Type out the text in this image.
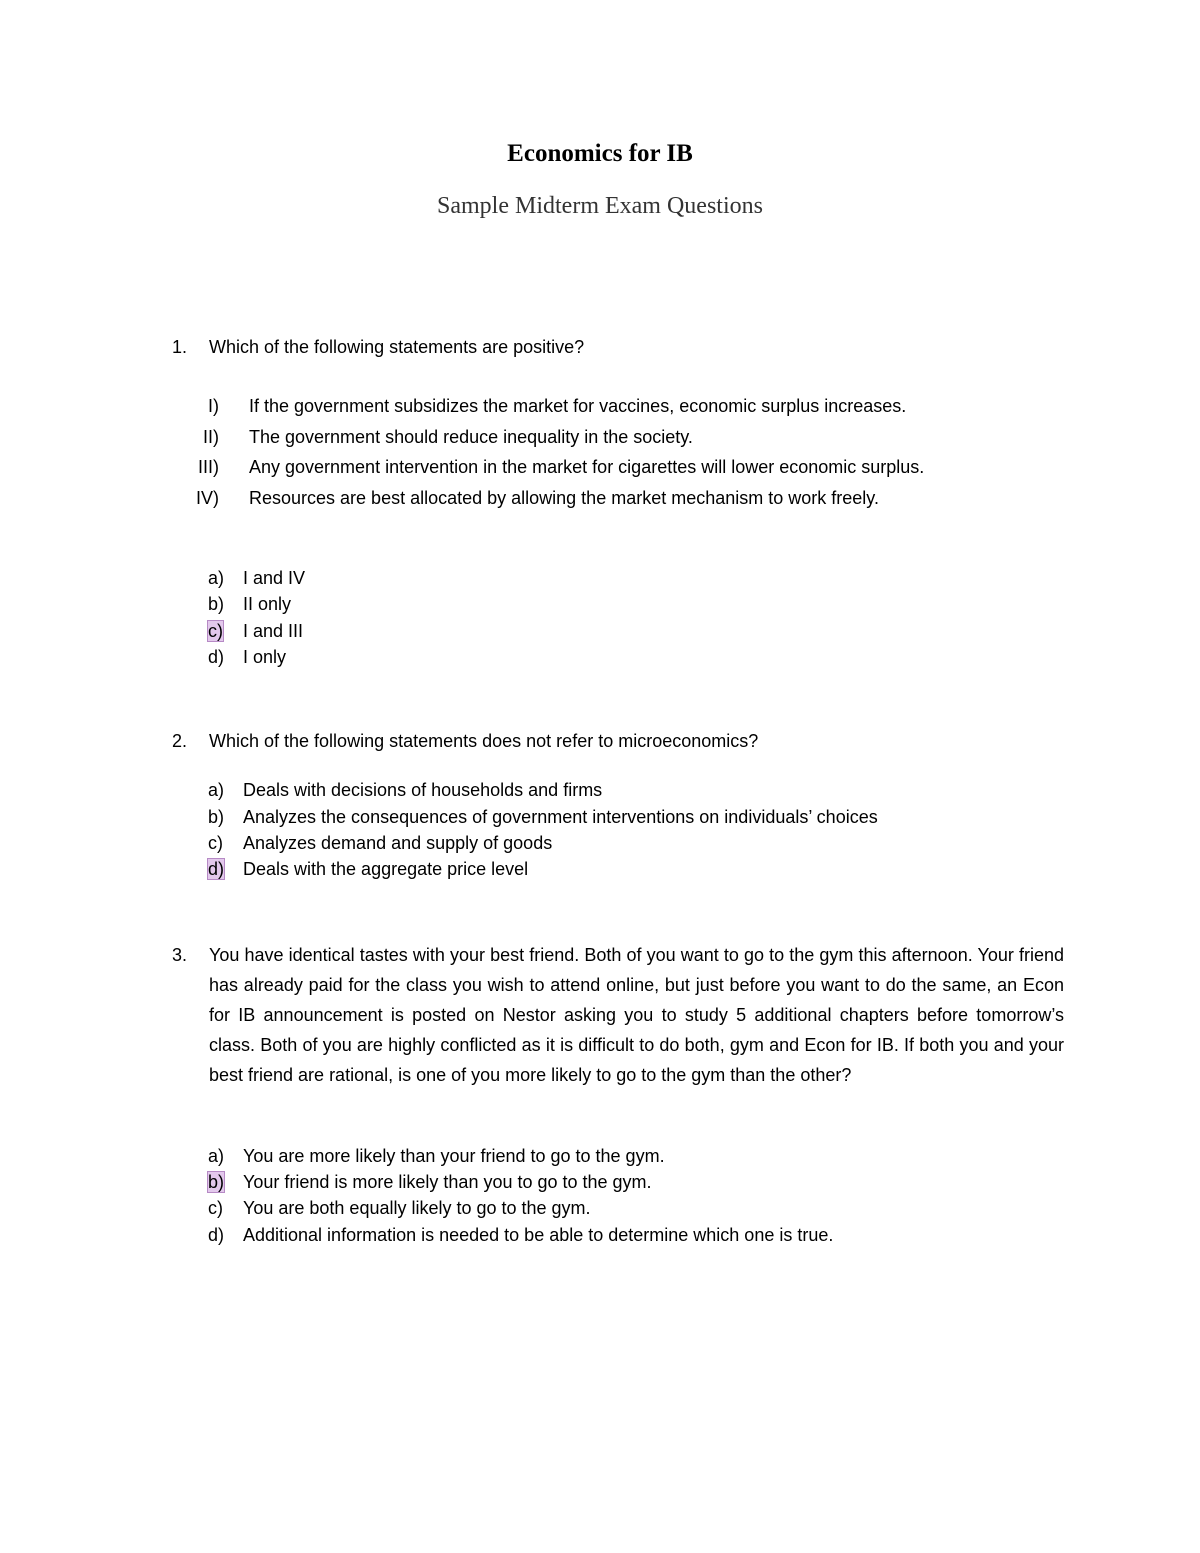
Economics for IB
Sample Midterm Exam Questions
1.	Which of the following statements are positive?
I) If the government subsidizes the market for vaccines, economic surplus increases.
II) The government should reduce inequality in the society.
III) Any government intervention in the market for cigarettes will lower economic surplus.
IV) Resources are best allocated by allowing the market mechanism to work freely.
a)	I and IV
b)	II only
c)	I and III
d)	I only
2.	Which of the following statements does not refer to microeconomics?
a)	Deals with decisions of households and firms
b)	Analyzes the consequences of government interventions on individuals’ choices
c)	Analyzes demand and supply of goods
d)	Deals with the aggregate price level
3.	You have identical tastes with your best friend. Both of you want to go to the gym this afternoon. Your friend has already paid for the class you wish to attend online, but just before you want to do the same, an Econ for IB announcement is posted on Nestor asking you to study 5 additional chapters before tomorrow’s class. Both of you are highly conflicted as it is difficult to do both, gym and Econ for IB. If both you and your best friend are rational, is one of you more likely to go to the gym than the other?
a)	You are more likely than your friend to go to the gym.
b)	Your friend is more likely than you to go to the gym.
c)	You are both equally likely to go to the gym.
d)	Additional information is needed to be able to determine which one is true.
